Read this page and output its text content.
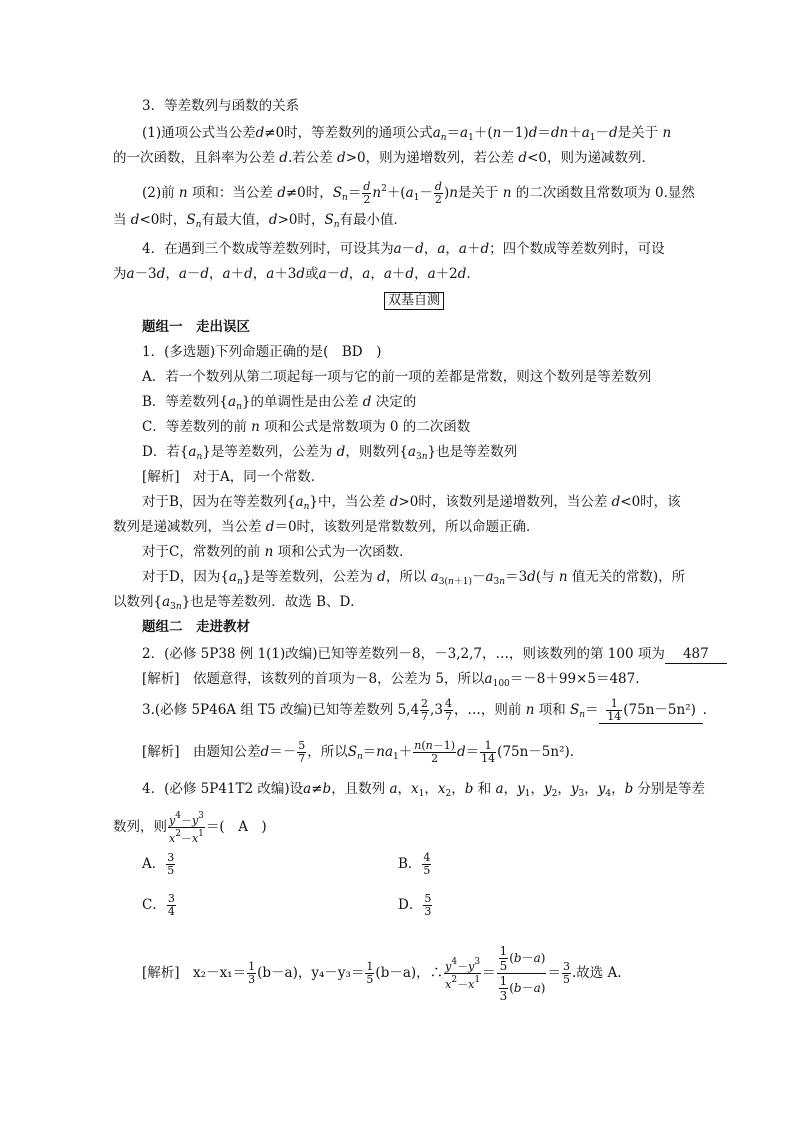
3．等差数列与函数的关系
(1)通项公式当公差d≠0时，等差数列的通项公式$a_n=a_1+(n-1)d=dn+a_1-d$是关于 n
的一次函数，且斜率为公差 d.若公差 d>0，则为递增数列，若公差 d<0，则为递减数列．
(2)前 n 项和：当公差 d≠0时，$S_n= \frac{d}{2} n^2+(a_1- \frac{d}{2} )n$是关于 n 的二次函数且常数项为 0.显然
当 d<0时，$S_n$有最大值，d>0时，$S_n$有最小值．
4．在遇到三个数成等差数列时，可设其为a－d，a，a＋d；四个数成等差数列时，可设
为a－3d，a－d，a＋d，a＋3d或a－d，a，a＋d，a＋2d.
双基自测
题组一　走出误区
1．(多选题)下列命题正确的是(　BD　)
A．若一个数列从第二项起每一项与它的前一项的差都是常数，则这个数列是等差数列
B．等差数列$\{a_n\}$的单调性是由公差 d 决定的
C．等差数列的前 n 项和公式是常数项为 0 的二次函数
D．若$\{a_n\}$是等差数列，公差为 d，则数列$\{a_{3n}\}$也是等差数列
[解析]　 对于A，同一个常数．
对于B，因为在等差数列$\{a_n\}$中，当公差 d>0时，该数列是递增数列，当公差 d<0时，该
数列是递减数列，当公差 d＝0时，该数列是常数数列，所以命题正确．
对于C，常数列的前 n 项和公式为一次函数．
对于D，因为$\{a_n\}$是等差数列，公差为 d，所以 $a_{3(n+1)}-a_{3n}=3d$(与 n 值无关的常数)，所
以数列$\{a_{3n}\}$也是等差数列．故选 B、D．
题组二　走进教材
2．(必修 5P38 例 1(1)改编)已知等差数列－8，－3,2,7，…，则该数列的第 100 项为 487
[解析]　 依题意得，该数列的首项为－8，公差为 5，所以$a_{100}=-8+99\times 5=487$.
3.(必修 5P46A 组 T5 改编)已知等差数列 $5,4 \frac{2}{7} ,3 \frac{4}{7}$ ，…，则前 n 项和 $S_n= \frac{1}{14} (75n-5n^2)$ .
[解析]　 由题知公差$d=- \frac{5}{7}$ ，所以$S_n=na_1+ \frac{n(n-1)}{2} d= \frac{1}{14} (75n-5n^2)$．
4．(必修 5P41T2 改编)设a≠b，且数列 a，$x_1$，$x_2$，b 和 a，$y_1$，$y_2$，$y_3$，$y_4$，b 分别是等差
数列，则 $\frac{y^4-y^3}{x^2-x^1}$ ＝(　A　)
A． $\frac{3}{5}$	B． $\frac{4}{5}$
C． $\frac{3}{4}$	D． $\frac{5}{3}$
[解析]　 $x_2-x_1= \frac{1}{3} (b-a)$，$y_4-y_3= \frac{1}{5} (b-a)$，∴ $\frac{y^4-y^3}{x^2-x^1} = \frac{\frac{1}{5} (b-a)}{\frac{1}{3} (b-a)} = \frac{3}{5}$ .故选 A.
